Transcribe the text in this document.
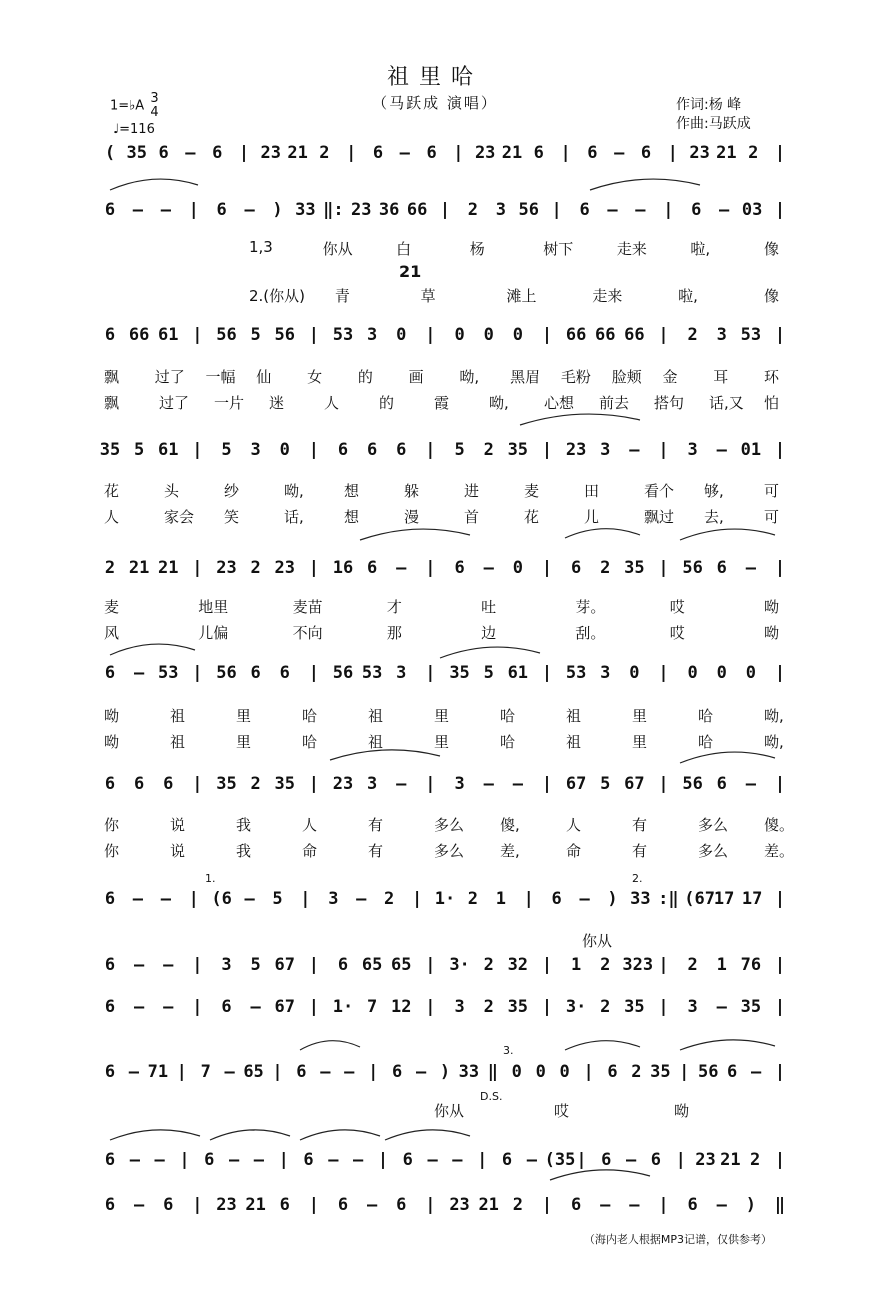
祖里哈
（马跃成 演唱）	作词:杨 峰
作曲:马跃成
1=♭A 3
4
♩=116
( 35 6 – 6 | 23 21 2 | 6 – 6 | 23 21 6 | 6 – 6 | 23 21 2 |
6	–	–	|	6	–	) 33 ‖: 23 36 66 |	2	3 56 |	6	–	–	|	6	– 03 |
1,3	你从	白	杨	树下	走来	啦,	像
2.(你从) 青	草	滩上	走来	啦,	像
21
6 66 61 | 56 5 56 | 53 3	0	|	0	0	0	| 66 66 66 |	2	3 53 |
飘 过了 一幅 仙 女 的 画 呦, 黑眉 毛粉 脸颊 金 耳 环
飘	过了 一片 迷	人	的	霞	呦, 心想 前去 搭句 话,又 怕
35 5 61 |	5	3	0	|	6	6	6	|	5	2 35 | 23 3	–	|	3	– 01 |
花	头	纱	呦,	想	躲	进	麦	田	看个 够,	可
人	家会 笑	话,	想	漫	首	花	儿	飘过 去,	可
2 21 21 | 23 2 23 | 16 6	–	|	6	–	0	|	6	2 35 | 56 6	–	|
麦	地里	麦苗	才	吐	芽。	哎	呦
风	儿偏	不向	那	边	刮。	哎	呦
6	– 53 | 56 6	6	| 56 53 3	| 35 5 61 | 53 3	0	|	0	0	0	|
呦	祖	里	哈	祖	里	哈	祖	里	哈	呦,
呦	祖	里	哈	祖	里	哈	祖	里	哈	呦,
6	6	6	| 35 2 35 | 23 3	–	|	3	–	–	| 67 5 67 | 56 6	–	|
你	说	我	人	有	多么 傻,	人	有	多么 傻。
你	说	我	命	有	多么 差,	命	有	多么 差。
6	–	–	| (6 –	5	|	3	–	2	| 1· 2	1	|	6	–	) 33 :‖ (67
17 17 |
你从
1.	2.
6	–	–	|	3	5 67 |	6 65 65 | 3· 2 32 |	1	2 323 |	2	1 76 |
6	–	–	|	6	– 67 | 1· 7 12 |	3	2 35 | 3· 2 35 |	3	– 35 |
6 – 71 | 7 – 65 | 6 – – | 6 – ) 33 ‖ 0 0 0 | 6 2 35 | 56 6 – |
你从	哎	呦
3.
D.S.
6 – – | 6 – – | 6 – – | 6 – – | 6 – (35 | 6 – 6 | 23 21 2 |
6	–	6	| 23 21 6	|	6	–	6	| 23 21 2	|	6	–	–	|	6	–	)	‖
（海内老人根据MP3记谱，仅供参考）
